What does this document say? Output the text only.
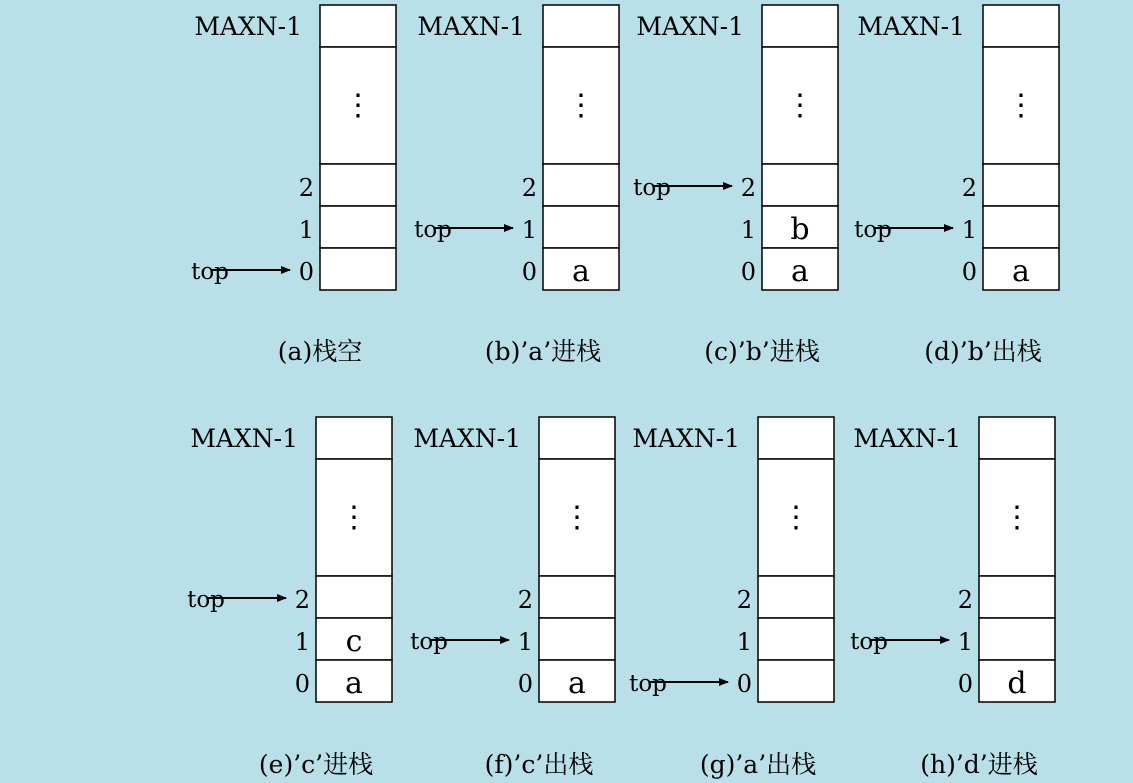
MAXN-1
⋮
0
1
2
top
(a)栈空
MAXN-1
⋮
0 a
1
2
top
(b)’a’进栈
MAXN-1
⋮
0 a
1 b
2
top
(c)’b’进栈
MAXN-1
⋮
0 a
1
2
top
(d)’b’出栈
MAXN-1
⋮
0 a
1 c
2
top
(e)’c’进栈
MAXN-1
⋮
0 a
1
2
top
(f)’c’出栈
MAXN-1
⋮
0
1
2
top
(g)’a’出栈
MAXN-1
⋮
0 d
1
2
top
(h)’d’进栈
